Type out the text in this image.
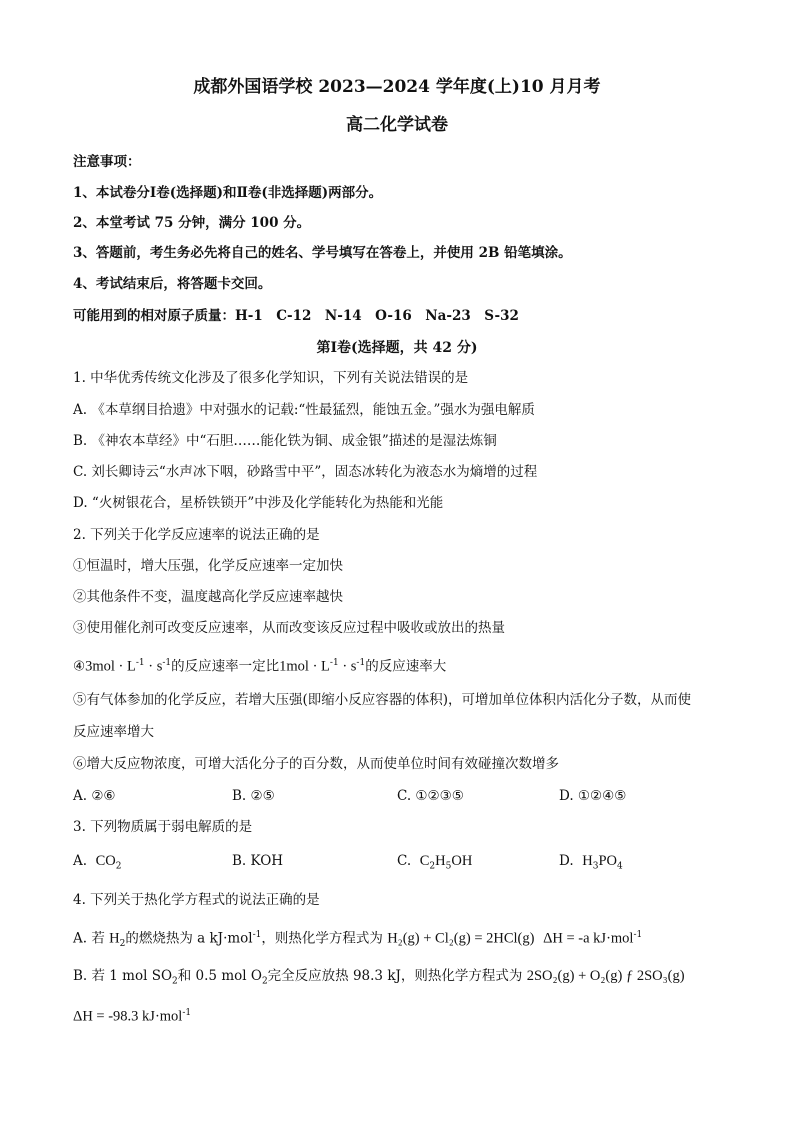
成都外国语学校 2023—2024 学年度(上)10 月月考
高二化学试卷
注意事项：
1、本试卷分Ⅰ卷(选择题)和Ⅱ卷(非选择题)两部分。
2、本堂考试 75 分钟，满分 100 分。
3、答题前，考生务必先将自己的姓名、学号填写在答卷上，并使用 2B 铅笔填涂。
4、考试结束后，将答题卡交回。
可能用到的相对原子质量：H-1　C-12　N-14　O-16　Na-23　S-32
第Ⅰ卷(选择题，共 42 分)
1. 中华优秀传统文化涉及了很多化学知识，下列有关说法错误的是
A. 《本草纲目拾遗》中对强水的记载:“性最猛烈，能蚀五金。”强水为强电解质
B. 《神农本草经》中“石胆……能化铁为铜、成金银”描述的是湿法炼铜
C. 刘长卿诗云“水声冰下咽，砂路雪中平”，固态冰转化为液态水为熵增的过程
D. “火树银花合，星桥铁锁开”中涉及化学能转化为热能和光能
2. 下列关于化学反应速率的说法正确的是
①恒温时，增大压强，化学反应速率一定加快
②其他条件不变，温度越高化学反应速率越快
③使用催化剂可改变反应速率，从而改变该反应过程中吸收或放出的热量
④3mol · $L^{-1} \cdot s^{-1}$的反应速率一定比$1mol \cdot L^{-1} \cdot s^{-1}$的反应速率大
⑤有气体参加的化学反应，若增大压强(即缩小反应容器的体积)，可增加单位体积内活化分子数，从而使
反应速率增大
⑥增大反应物浓度，可增大活化分子的百分数，从而使单位时间有效碰撞次数增多
A. ②⑥	B. ②⑤	C. ①②③⑤	D. ①②④⑤
3. 下列物质属于弱电解质的是
A. $CO_2$	B. KOH	C. $C_2H_5OH$	D. $H_3PO_4$
4. 下列关于热化学方程式的说法正确的是
A. 若 $H_2$的燃烧热为 a kJ·mol$^{-1}$，则热化学方程式为 H₂(g) + Cl₂(g) = 2HCl(g) ΔH = -a kJ·mol$^{-1}$
B. 若 1 mol $SO_2$和 0.5 mol $O_2$完全反应放热 98.3 kJ，则热化学方程式为 2SO₂(g) + O₂(g) ƒ 2SO₃(g)
ΔH = -98.3 kJ·mol$^{-1}$
